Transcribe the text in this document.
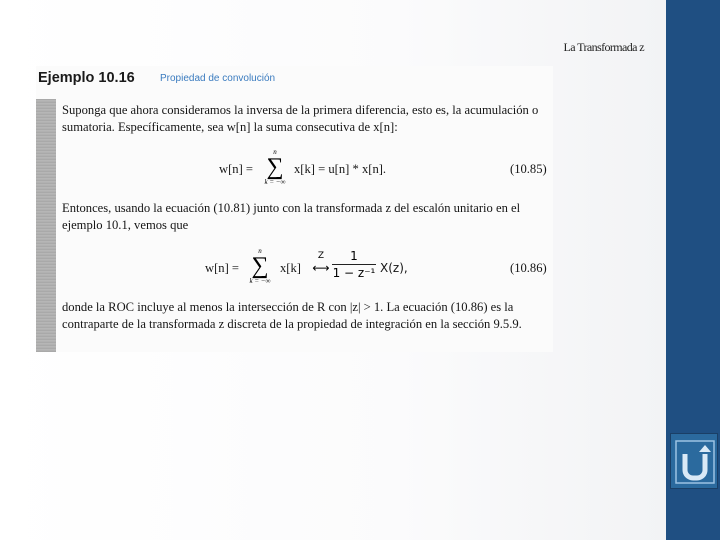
La Transformada z
Ejemplo 10.16	Propiedad de convolución
Suponga que ahora consideramos la inversa de la primera diferencia, esto es, la acumulación o sumatoria. Específicamente, sea w[n] la suma consecutiva de x[n]:
w[n] =
n
∑
k = −∞
x[k] = u[n] * x[n].	(10.85)
Entonces, usando la ecuación (10.81) junto con la transformada z del escalón unitario en el ejemplo 10.1, vemos que
w[n] =
n
∑
k = −∞
x[k]
Z
⟷
1
1 − z⁻¹ X(z),	(10.86)
donde la ROC incluye al menos la intersección de R con |z| > 1. La ecuación (10.86) es la contraparte de la transformada z discreta de la propiedad de integración en la sección 9.5.9.
